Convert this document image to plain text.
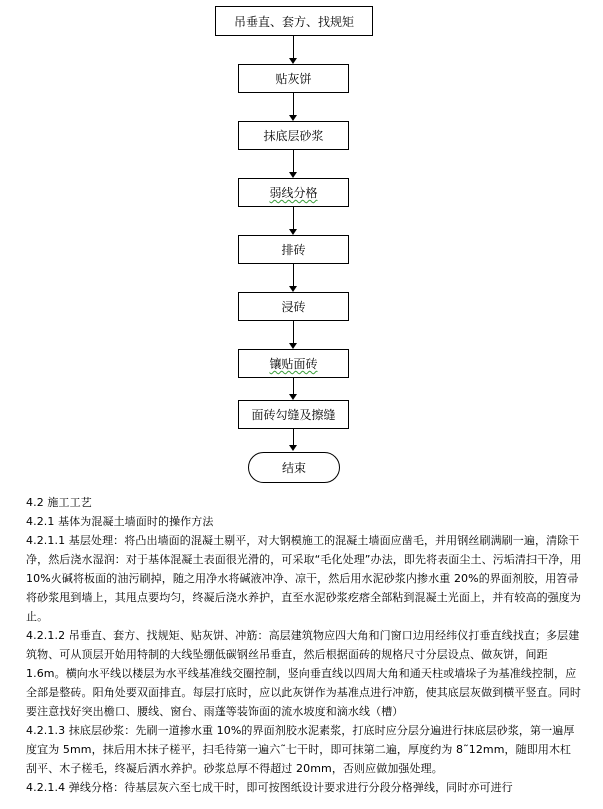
吊垂直、套方、找规矩
贴灰饼
抹底层砂浆
弱线分格
排砖
浸砖
镶贴面砖
面砖勾缝及擦缝
结束

4.2 施工工艺

4.2.1 基体为混凝土墙面时的操作方法

4.2.1.1 基层处理：将凸出墙面的混凝土剔平，对大钢模施工的混凝土墙面应凿毛，并用钢丝刷满刷一遍，清除干净，然后浇水湿润：对于基体混凝土表面很光滑的，可采取“毛化处理”办法，即先将表面尘土、污垢清扫干净，用 10%火碱将板面的油污刷掉，随之用净水将碱液冲净、凉干，然后用水泥砂浆内掺水重 20%的界面剂胶，用笤帚将砂浆甩到墙上，其甩点要均匀，终凝后浇水养护，直至水泥砂浆疙瘩全部粘到混凝土光面上，并有较高的强度为止。

4.2.1.2 吊垂直、套方、找规矩、贴灰饼、冲筋：高层建筑物应四大角和门窗口边用经纬仪打垂直线找直；多层建筑物、可从顶层开始用特制的大线坠绷低碳钢丝吊垂直，然后根据面砖的规格尺寸分层设点、做灰饼，间距 1.6m。横向水平线以楼层为水平线基准线交圈控制，竖向垂直线以四周大角和通天柱或墙垛子为基准线控制，应全部是整砖。阳角处要双面排直。每层打底时，应以此灰饼作为基准点进行冲筋，使其底层灰做到横平竖直。同时要注意找好突出檐口、腰线、窗台、雨蓬等装饰面的流水坡度和滴水线（槽）

4.2.1.3 抹底层砂浆：先刷一道掺水重 10%的界面剂胶水泥素浆，打底时应分层分遍进行抹底层砂浆，第一遍厚度宜为 5mm，抹后用木抹子槎平，扫毛待第一遍六˜七干时，即可抹第二遍，厚度约为 8˜12mm，随即用木杠刮平、木子槎毛，终凝后洒水养护。砂浆总厚不得超过 20mm，否则应做加强处理。

4.2.1.4 弹线分格：待基层灰六至七成干时，即可按图纸设计要求进行分段分格弹线，同时亦可进行
